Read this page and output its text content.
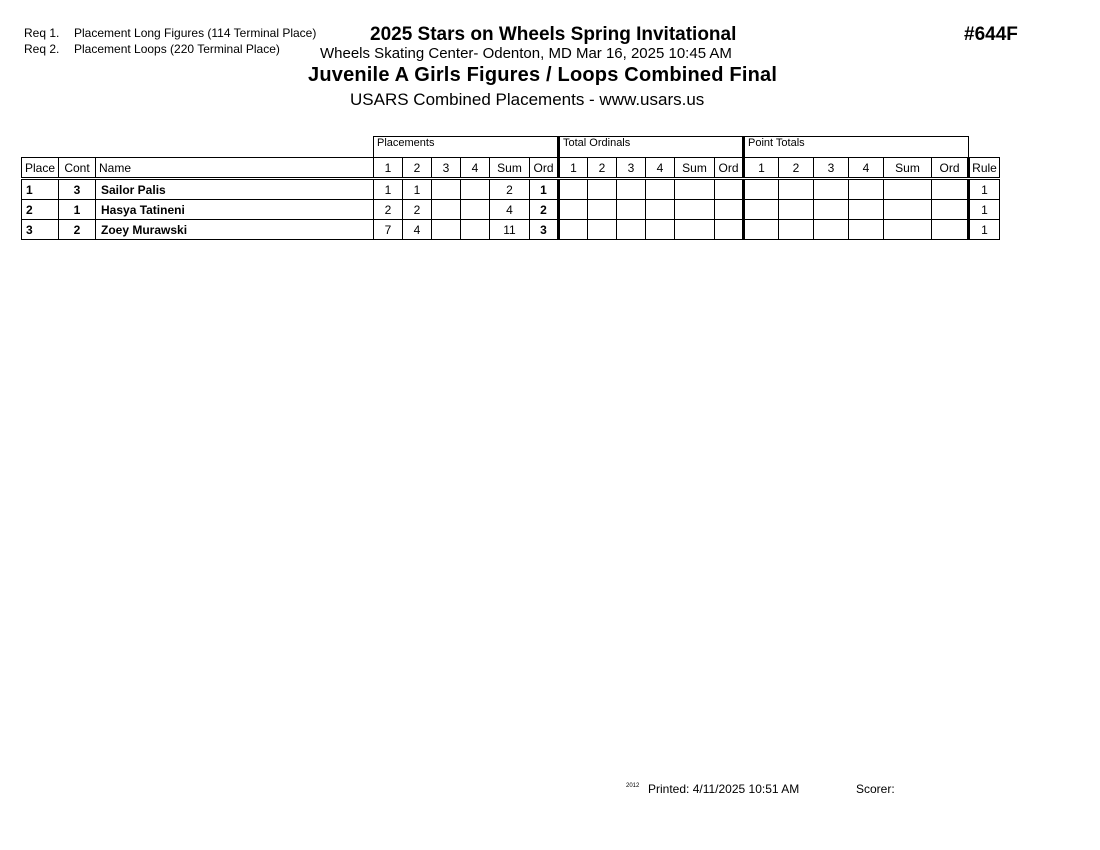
Req 1. Placement Long Figures (114 Terminal Place)
Req 2. Placement Loops (220 Terminal Place)
2025 Stars on Wheels Spring Invitational
Wheels Skating Center- Odenton, MD Mar 16, 2025 10:45 AM
Juvenile A Girls Figures / Loops Combined Final
USARS Combined Placements - www.usars.us
#644F
			Placements						Total Ordinals						Point Totals						
Place	Cont	Name	1	2	3	4	Sum	Ord	1	2	3	4	Sum	Ord	1	2	3	4	Sum	Ord	Rule
1	3	Sailor Palis	1	1			2	1													1
2	1	Hasya Tatineni	2	2			4	2													1
3	2	Zoey Murawski	7	4			11	3													1
2012 Printed: 4/11/2025 10:51 AM	Scorer:
